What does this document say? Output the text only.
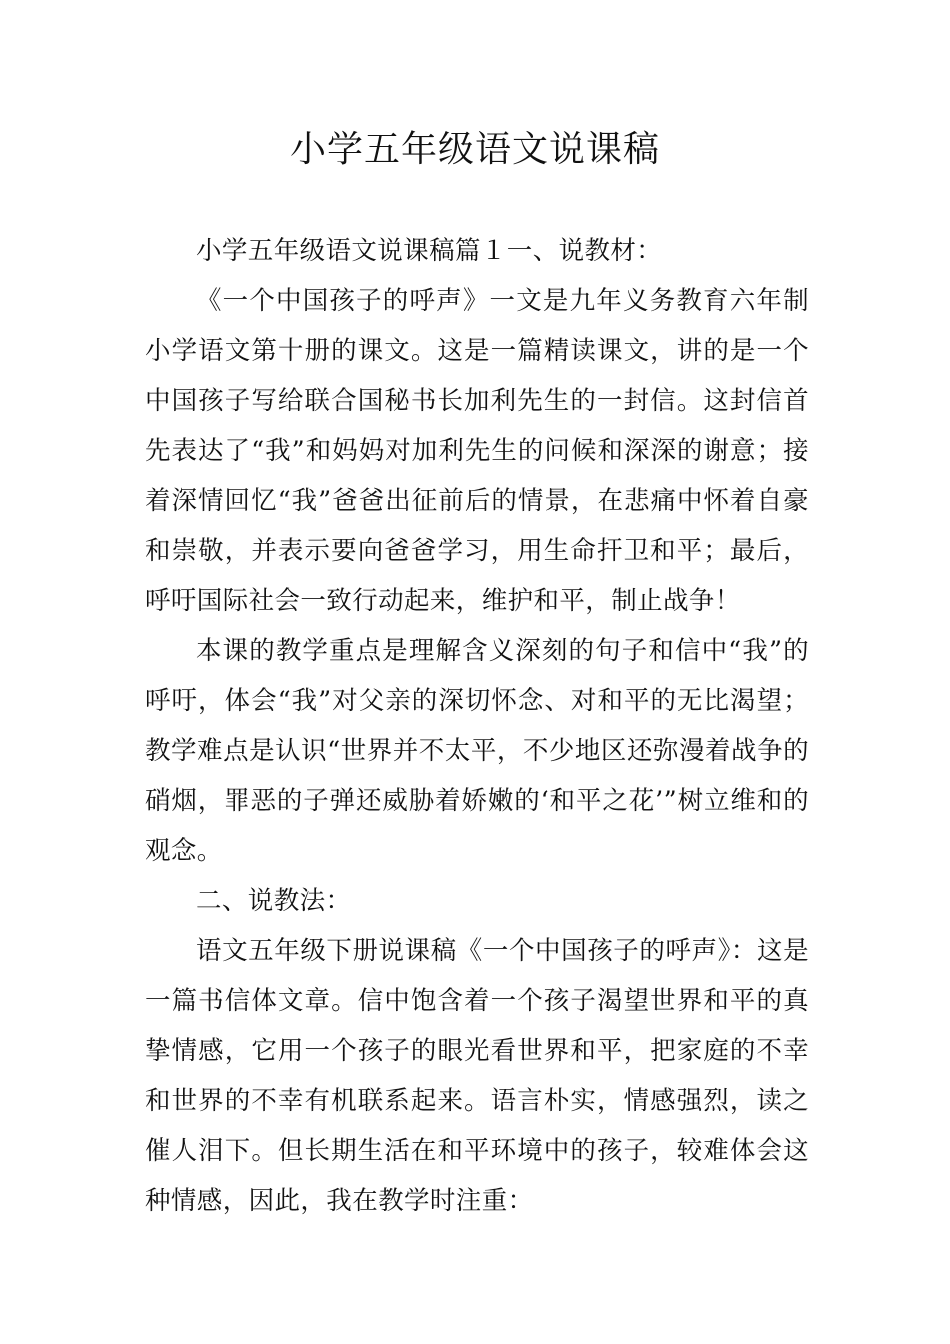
小学五年级语文说课稿

小学五年级语文说课稿篇１一、说教材：

《一个中国孩子的呼声》一文是九年义务教育六年制小学语文第十册的课文。这是一篇精读课文，讲的是一个中国孩子写给联合国秘书长加利先生的一封信。这封信首先表达了“我”和妈妈对加利先生的问候和深深的谢意；接着深情回忆“我”爸爸出征前后的情景，在悲痛中怀着自豪和崇敬，并表示要向爸爸学习，用生命扞卫和平；最后，呼吁国际社会一致行动起来，维护和平，制止战争！

本课的教学重点是理解含义深刻的句子和信中“我”的呼吁，体会“我”对父亲的深切怀念、对和平的无比渴望；教学难点是认识“世界并不太平，不少地区还弥漫着战争的硝烟，罪恶的子弹还威胁着娇嫩的‘和平之花’”树立维和的观念。

二、说教法：

语文五年级下册说课稿《一个中国孩子的呼声》：这是一篇书信体文章。信中饱含着一个孩子渴望世界和平的真挚情感，它用一个孩子的眼光看世界和平，把家庭的不幸和世界的不幸有机联系起来。语言朴实，情感强烈，读之催人泪下。但长期生活在和平环境中的孩子，较难体会这种情感，因此，我在教学时注重：
